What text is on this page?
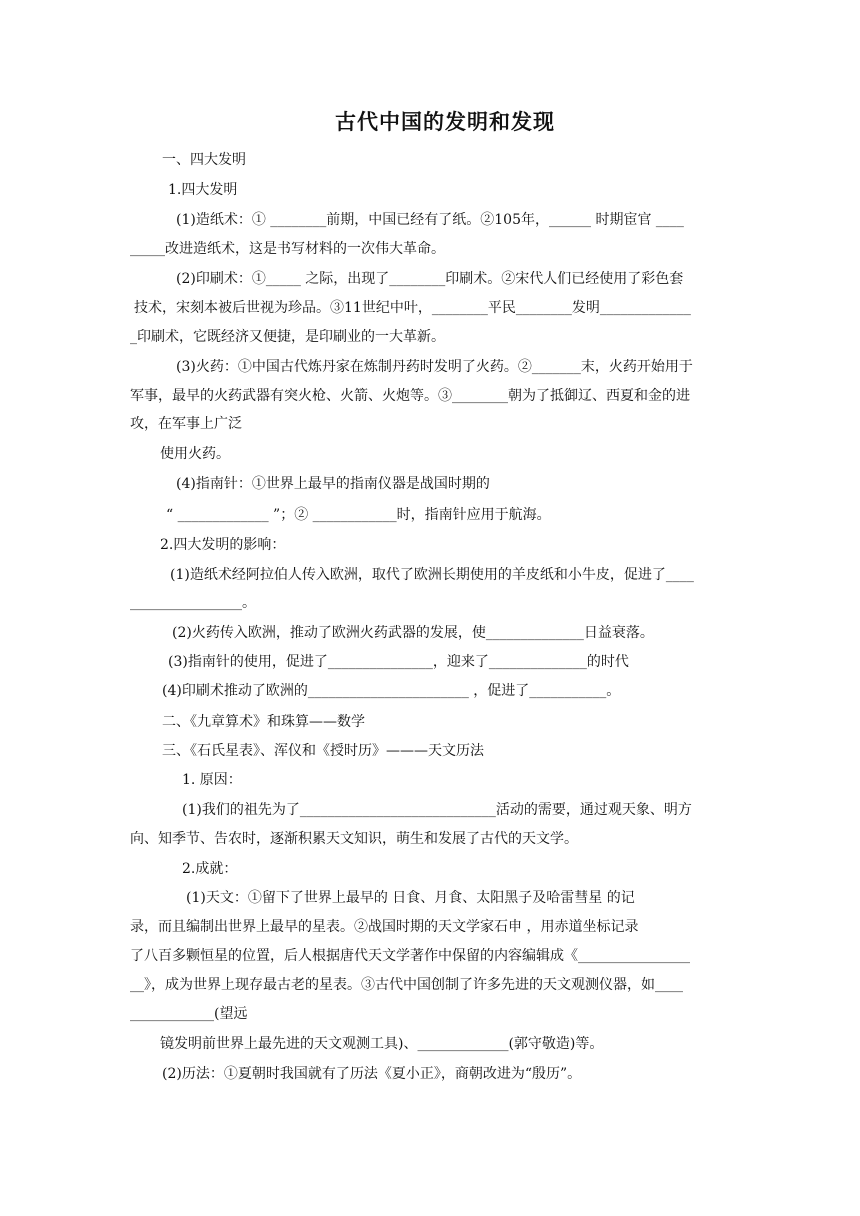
古代中国的发明和发现
一、四大发明
1.四大发明
(1)造纸术：① ________前期，中国已经有了纸。②105年，______ 时期宦官 ____
_____改进造纸术，这是书写材料的一次伟大革命。
(2)印刷术：①_____ 之际，出现了________印刷术。②宋代人们已经使用了彩色套
技术，宋刻本被后世视为珍品。③11世纪中叶，________平民________发明_____________
_印刷术，它既经济又便捷，是印刷业的一大革新。
(3)火药：①中国古代炼丹家在炼制丹药时发明了火药。②_______末，火药开始用于
军事，最早的火药武器有突火枪、火箭、火炮等。③________朝为了抵御辽、西夏和金的进
攻，在军事上广泛
使用火药。
(4)指南针：①世界上最早的指南仪器是战国时期的
“ _____________ ”；② ____________时，指南针应用于航海。
2.四大发明的影响：
(1)造纸术经阿拉伯人传入欧洲，取代了欧洲长期使用的羊皮纸和小牛皮，促进了____
________________。
(2)火药传入欧洲，推动了欧洲火药武器的发展，使______________日益衰落。
(3)指南针的使用，促进了_______________，迎来了______________的时代
(4)印刷术推动了欧洲的_______________________ ，促进了___________。
二、《九章算术》和珠算——数学
三、《石氏星表》、浑仪和《授时历》———天文历法
1. 原因：
(1)我们的祖先为了____________________________活动的需要，通过观天象、明方
向、知季节、告农时，逐渐积累天文知识，萌生和发展了古代的天文学。
2.成就：
(1)天文：①留下了世界上最早的 日食、月食、太阳黑子及哈雷彗星 的记
录，而且编制出世界上最早的星表。②战国时期的天文学家石申 ，用赤道坐标记录
了八百多颗恒星的位置，后人根据唐代天文学著作中保留的内容编辑成《________________
__》，成为世界上现存最古老的星表。③古代中国创制了许多先进的天文观测仪器，如____
____________(望远
镜发明前世界上最先进的天文观测工具)、_____________(郭守敬造)等。
(2)历法：①夏朝时我国就有了历法《夏小正》，商朝改进为“殷历”。
